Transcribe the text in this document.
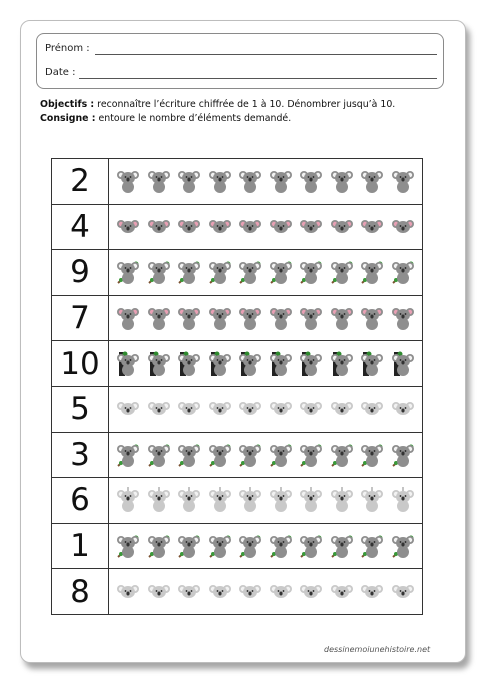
Prénom :
Date :
Objectifs : reconnaître l’écriture chiffrée de 1 à 10. Dénombrer jusqu’à 10.
Consigne : entoure le nombre d’éléments demandé.
2	

4	

9	

7	

10	

5	

3	

6	

1	

8	
dessinemoiunehistoire.net
